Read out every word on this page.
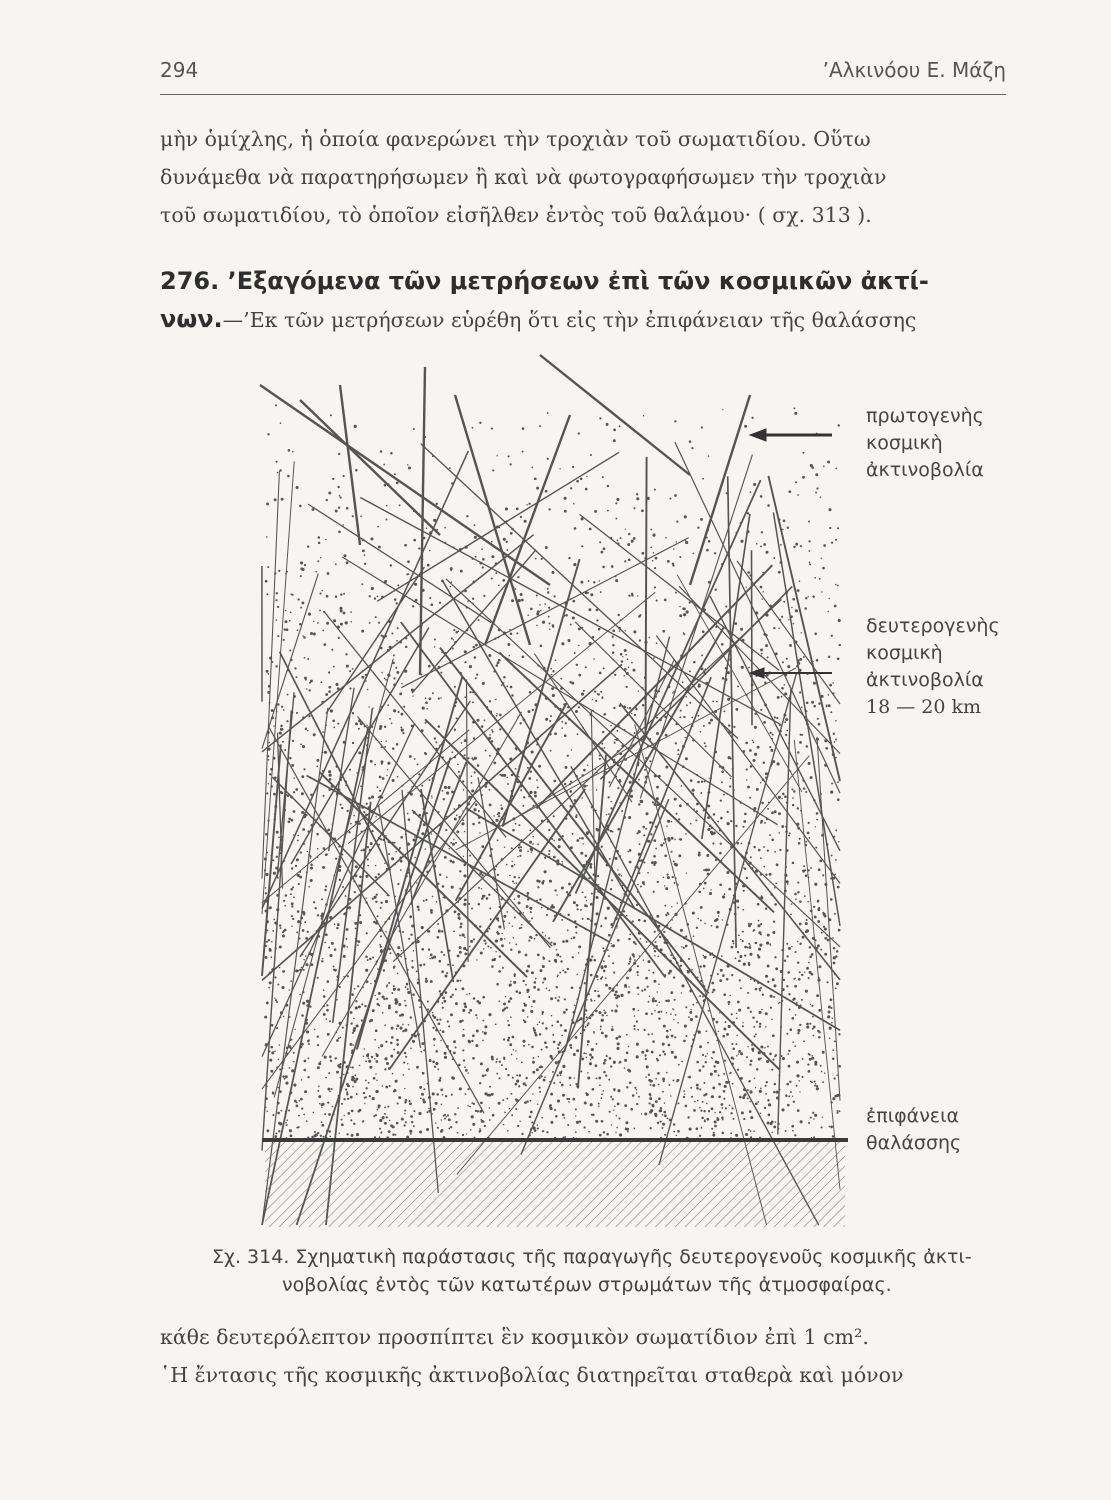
294	’Αλκινόου Ε. Μάζη
μὴν ὁμίχλης, ἡ ὁποία φανερώνει τὴν τροχιὰν τοῦ σωματιδίου. Οὕτω
δυνάμεθα νὰ παρατηρήσωμεν ἢ καὶ νὰ φωτογραφήσωμεν τὴν τροχιὰν
τοῦ σωματιδίου, τὸ ὁποῖον εἰσῆλθεν ἐντὸς τοῦ θαλάμου· ( σχ. 313 ).
276. ’Εξαγόμενα τῶν μετρήσεων ἐπὶ τῶν κοσμικῶν ἀκτί-
νων.—’Εκ τῶν μετρήσεων εὑρέθη ὅτι εἰς τὴν ἐπιφάνειαν τῆς θαλάσσης
πρωτογενὴς
κοσμικὴ
ἀκτινοβολία
δευτερογενὴς
κοσμικὴ
ἀκτινοβολία
18 — 20 km
ἐπιφάνεια
θαλάσσης
Σχ. 314. Σχηματικὴ παράστασις τῆς παραγωγῆς δευτερογενοῦς κοσμικῆς ἀκτι-
νοβολίας ἐντὸς τῶν κατωτέρων στρωμάτων τῆς ἀτμοσφαίρας.
κάθε δευτερόλεπτον προσπίπτει ἓν κοσμικὸν σωματίδιον ἐπὶ 1 cm².
῾Η ἔντασις τῆς κοσμικῆς ἀκτινοβολίας διατηρεῖται σταθερὰ καὶ μόνον
